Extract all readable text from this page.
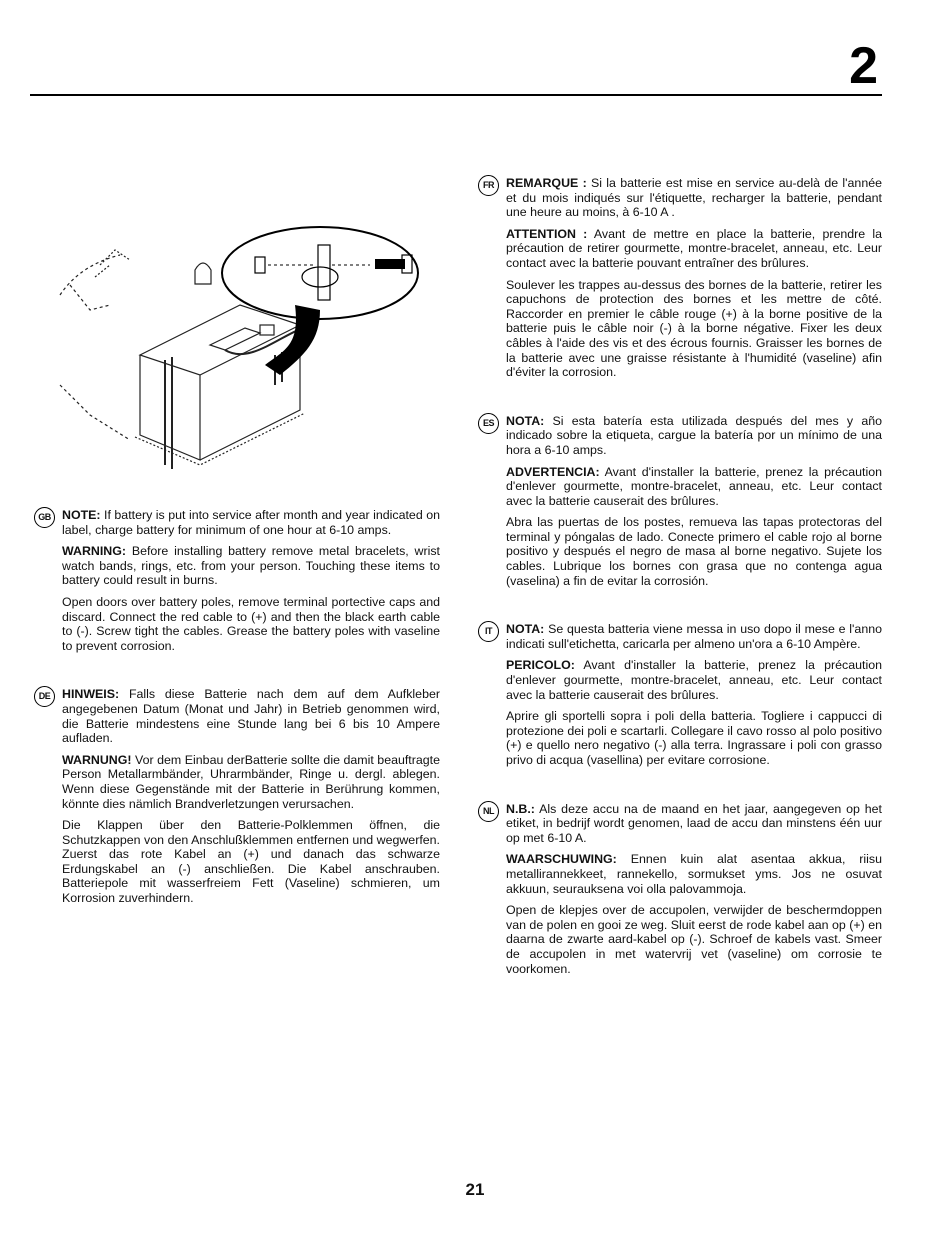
2
GB NOTE: If battery is put into service after month and year indicated on label, charge battery for minimum of one hour at 6-10 amps.

WARNING: Before installing battery remove metal bracelets, wrist watch bands, rings, etc. from your person. Touching these items to battery could result in burns.

Open doors over battery poles, remove terminal portective caps and discard. Connect the red cable to (+) and then the black earth cable to (-). Screw tight the cables. Grease the battery poles with vaseline to prevent corrosion.

DE HINWEIS: Falls diese Batterie nach dem auf dem Aufkleber angegebenen Datum (Monat und Jahr) in Betrieb genommen wird, die Batterie mindestens eine Stunde lang bei 6 bis 10 Ampere aufladen.

WARNUNG! Vor dem Einbau derBatterie sollte die damit beauftragte Person Metallarmbänder, Uhrarmbänder, Ringe u. dergl. ablegen. Wenn diese Gegenstände mit der Batterie in Berührung kommen, könnte dies nämlich Brandverletzungen verursachen.

Die Klappen über den Batterie-Polklemmen öffnen, die Schutzkappen von den Anschlußklemmen entfernen und wegwerfen. Zuerst das rote Kabel an (+) und danach das schwarze Erdungskabel an (-) anschließen. Die Kabel anschrauben. Batteriepole mit wasserfreiem Fett (Vaseline) schmieren, um Korrosion zuverhindern.

FR REMARQUE : Si la batterie est mise en service au-delà de l'année et du mois indiqués sur l'étiquette, recharger la batterie, pendant une heure au moins, à 6-10 A .

ATTENTION : Avant de mettre en place la batterie, prendre la précaution de retirer gourmette, montre-bracelet, anneau, etc. Leur contact avec la batterie pouvant entraîner des brûlures.

Soulever les trappes au-dessus des bornes de la batterie, retirer les capuchons de protection des bornes et les mettre de côté. Raccorder en premier le câble rouge (+) à la borne positive de la batterie puis le câble noir (-) à la borne négative. Fixer les deux câbles à l'aide des vis et des écrous fournis. Graisser les bornes de la batterie avec une graisse résistante à l'humidité (vaseline) afin d'éviter la corrosion.

ES NOTA: Si esta batería esta utilizada después del mes y año indicado sobre la etiqueta, cargue la batería por un mínimo de una hora a 6-10 amps.

ADVERTENCIA: Avant d'installer la batterie, prenez la précaution d'enlever gourmette, montre-bracelet, anneau, etc. Leur contact avec la batterie causerait des brûlures.

Abra las puertas de los postes, remueva las tapas protectoras del terminal y póngalas de lado. Conecte primero el cable rojo al borne positivo y después el negro de masa al borne negativo. Sujete los cables. Lubrique los bornes con grasa que no contenga agua (vaselina) a fin de evitar la corrosión.

IT	NOTA: Se questa batteria viene messa in uso dopo il mese e l'anno indicati sull'etichetta, caricarla per almeno un'ora a 6-10 Ampère.

PERICOLO: Avant d'installer la batterie, prenez la précaution d'enlever gourmette, montre-bracelet, anneau, etc. Leur contact avec la batterie causerait des brûlures.

Aprire gli sportelli sopra i poli della batteria. Togliere i cappucci di protezione dei poli e scartarli. Collegare il cavo rosso al polo positivo (+) e quello nero negativo (-) alla terra. Ingrassare i poli con grasso privo di acqua (vasellina) per evitare corrosione.

NL N.B.: Als deze accu na de maand en het jaar, aangegeven op het etiket, in bedrijf wordt genomen, laad de accu dan minstens één uur op met 6-10 A.

WAARSCHUWING: Ennen kuin alat asentaa akkua, riisu metallirannekkeet, rannekello, sormukset yms. Jos ne osuvat akkuun, seurauksena voi olla palovammoja.

Open de klepjes over de accupolen, verwijder de beschermdoppen van de polen en gooi ze weg. Sluit eerst de rode kabel aan op (+) en daarna de zwarte aard-kabel op (-). Schroef de kabels vast. Smeer de accupolen in met watervrij vet (vaseline) om corrosie te voorkomen.

21
